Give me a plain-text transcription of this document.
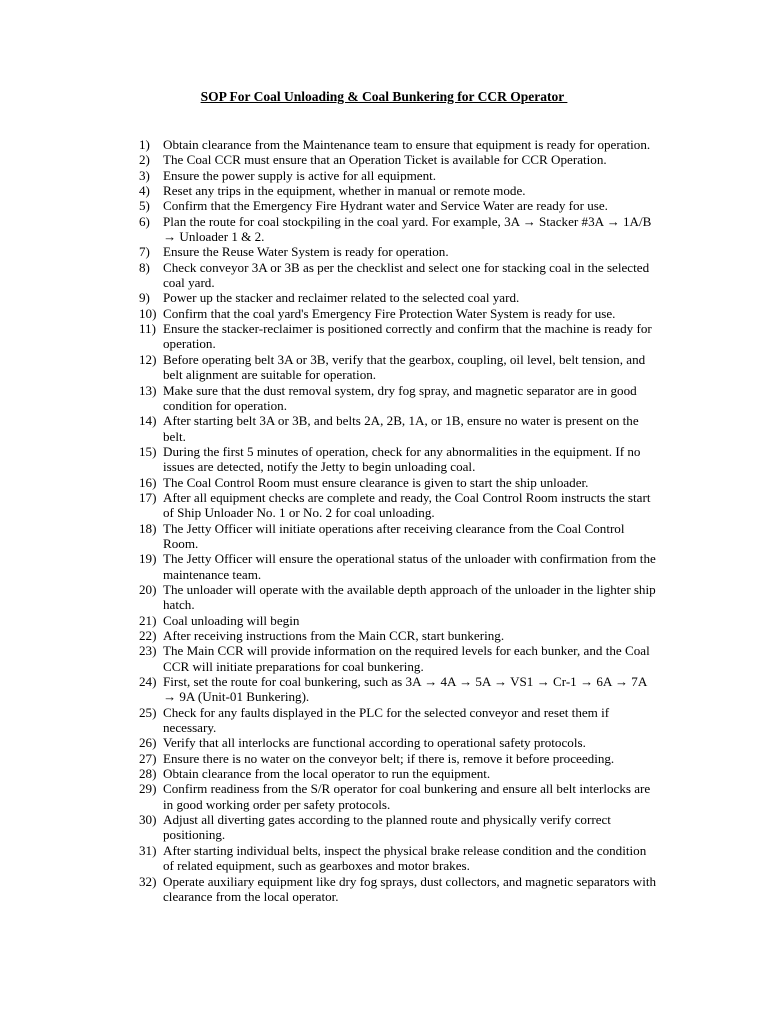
SOP For Coal Unloading & Coal Bunkering for CCR Operator
1) Obtain clearance from the Maintenance team to ensure that equipment is ready for operation.
2) The Coal CCR must ensure that an Operation Ticket is available for CCR Operation.
3) Ensure the power supply is active for all equipment.
4) Reset any trips in the equipment, whether in manual or remote mode.
5) Confirm that the Emergency Fire Hydrant water and Service Water are ready for use.
6) Plan the route for coal stockpiling in the coal yard. For example, 3A → Stacker #3A → 1A/B → Unloader 1 & 2.
7) Ensure the Reuse Water System is ready for operation.
8) Check conveyor 3A or 3B as per the checklist and select one for stacking coal in the selected coal yard.
9) Power up the stacker and reclaimer related to the selected coal yard.
10) Confirm that the coal yard's Emergency Fire Protection Water System is ready for use.
11) Ensure the stacker-reclaimer is positioned correctly and confirm that the machine is ready for operation.
12) Before operating belt 3A or 3B, verify that the gearbox, coupling, oil level, belt tension, and belt alignment are suitable for operation.
13) Make sure that the dust removal system, dry fog spray, and magnetic separator are in good condition for operation.
14) After starting belt 3A or 3B, and belts 2A, 2B, 1A, or 1B, ensure no water is present on the belt.
15) During the first 5 minutes of operation, check for any abnormalities in the equipment. If no issues are detected, notify the Jetty to begin unloading coal.
16) The Coal Control Room must ensure clearance is given to start the ship unloader.
17) After all equipment checks are complete and ready, the Coal Control Room instructs the start of Ship Unloader No. 1 or No. 2 for coal unloading.
18) The Jetty Officer will initiate operations after receiving clearance from the Coal Control Room.
19) The Jetty Officer will ensure the operational status of the unloader with confirmation from the maintenance team.
20) The unloader will operate with the available depth approach of the unloader in the lighter ship hatch.
21) Coal unloading will begin
22) After receiving instructions from the Main CCR, start bunkering.
23) The Main CCR will provide information on the required levels for each bunker, and the Coal CCR will initiate preparations for coal bunkering.
24) First, set the route for coal bunkering, such as 3A → 4A → 5A → VS1 → Cr-1 → 6A → 7A → 9A (Unit-01 Bunkering).
25) Check for any faults displayed in the PLC for the selected conveyor and reset them if necessary.
26) Verify that all interlocks are functional according to operational safety protocols.
27) Ensure there is no water on the conveyor belt; if there is, remove it before proceeding.
28) Obtain clearance from the local operator to run the equipment.
29) Confirm readiness from the S/R operator for coal bunkering and ensure all belt interlocks are in good working order per safety protocols.
30) Adjust all diverting gates according to the planned route and physically verify correct positioning.
31) After starting individual belts, inspect the physical brake release condition and the condition of related equipment, such as gearboxes and motor brakes.
32) Operate auxiliary equipment like dry fog sprays, dust collectors, and magnetic separators with clearance from the local operator.
